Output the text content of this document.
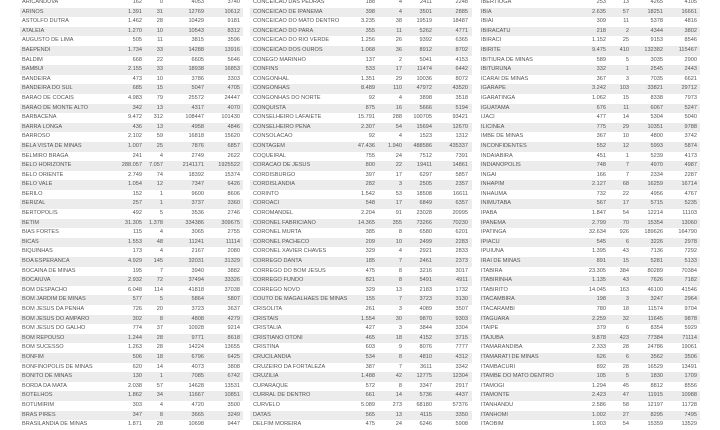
ARICANDUVA	162	0	4053	3740
ARINOS	1.391	31	12769	10612
ASTOLFO DUTRA	1.462	28	10429	9181
ATALEIA	1.270	10	10543	8312
AUGUSTO DE LIMA	505	11	3815	3596
BAEPENDI	1.734	33	14288	13916
BALDIM	668	22	6605	5646
BAMBUI	2.155	33	18938	16853
BANDEIRA	473	10	3786	3303
BANDEIRA DO SUL	685	15	5047	4705
BARAO DE COCAIS	4.983	79	25572	24447
BARAO DE MONTE ALTO	342	13	4317	4070
BARBACENA	9.472 312	108447	101430
BARRA LONGA	436	13	4958	4846
BARROSO	2.102	59	16818	15620
BELA VISTA DE MINAS	1.007	25	7876	6857
BELMIRO BRAGA	241	4	2749	2622
BELO HORIZONTE	288.057 7.057	2141171	1925522
BELO ORIENTE	2.749	74	18392	15374
BELO VALE	1.054	12	7347	6426
BERILO	152	1	9600	8606
BERIZAL	257	1	3737	3360
BERTOPOLIS	492	5	3536	2746
BETIM	31.305 1.378	334386	309675
BIAS FORTES	115	4	3065	2755
BICAS	1.553	48	11241	11114
BIQUINHAS	173	4	2167	2080
BOA ESPERANCA	4.929 145	32031	31329
BOCAINA DE MINAS	195	7	3940	3882
BOCAIUVA	2.932	72	37494	33326
BOM DESPACHO	6.048 114	41818	37038
BOM JARDIM DE MINAS	577	5	5864	5807
BOM JESUS DA PENHA	726	20	3723	3637
BOM JESUS DO AMPARO	302	8	4808	4279
BOM JESUS DO GALHO	774	37	10928	9214
BOM REPOUSO	1.244	28	9771	8618
BOM SUCESSO	1.263	28	14224	13655
BONFIM	506	18	6796	6425
BONFINOPOLIS DE MINAS	620	14	4073	3808
BONITO DE MINAS	130	1	7085	6742
BORDA DA MATA	2.038	57	14628	13531
BOTELHOS	1.862	34	11667	10851
BOTUMIRIM	303	4	4720	3500
BRAS PIRES	347	8	3665	3249
BRASILANDIA DE MINAS	1.871	28	10698	9447
CONCEICAO DAS PEDRAS	188	4	2411	2248
CONCEICAO DE IPANEMA	398	4	3501	2885
CONCEICAO DO MATO DENTRO	3.235	38	19519	18487
CONCEICAO DO PARA	355	11	5262	4771
CONCEICAO DO RIO VERDE	1.256	26	9392	6365
CONCEICAO DOS OUROS	1.068	36	8912	8702
CONEGO MARINHO	137	2	5041	4153
CONFINS	533	17	11474	6442
CONGONHAL	1.351	29	10036	8072
CONGONHAS	8.489	110	47972	43520
CONGONHAS DO NORTE	92	4	3898	3518
CONQUISTA	875	16	5666	5194
CONSELHEIRO LAFAIETE	15.791	288 100705	93421
CONSELHEIRO PENA	2.307	54	15694	12670
CONSOLACAO	92	4	1523	1312
CONTAGEM	47.436 1.940 488586	435337
COQUEIRAL	755	24	7512	7391
CORACAO DE JESUS	800	22	19411	14861
CORDISBURGO	397	17	6297	5857
CORDISLANDIA	282	3	2505	2357
CORINTO	1.542	53	18508	16611
COROACI	548	17	6849	6357
COROMANDEL	2.204	91	23028	20995
CORONEL FABRICIANO	14.365	355	73266	70230
CORONEL MURTA	385	8	6580	6201
CORONEL PACHECO	209	10	2499	2283
CORONEL XAVIER CHAVES	329	4	2921	2833
CORREGO DANTA	185	7	2461	2373
CORREGO DO BOM JESUS	475	8	3216	3017
CORREGO FUNDO	821	8	5491	4911
CORREGO NOVO	329	13	2183	1732
COUTO DE MAGALHAES DE MINAS	155	7	3723	3130
CRISOLITA	261	3	4089	3507
CRISTAIS	1.554	30	9870	9303
CRISTALIA	427	3	3844	3304
CRISTIANO OTONI	465	18	4152	3715
CRISTINA	603	9	8076	7777
CRUCILANDIA	534	8	4810	4312
CRUZEIRO DA FORTALEZA	387	7	3611	3342
CRUZILIA	1.488	42	12775	12304
CUPARAQUE	572	8	3347	2917
CURRAL DE DENTRO	661	14	5736	4437
CURVELO	5.089	273	68180	57376
DATAS	565	13	4115	3350
DELFIM MOREIRA	475	24	6246	5908
IBERTIOGA	253	13	4265	4105
IBIA	2.635	57	18251	16661
IBIAI	309	11	5378	4816
IBIRACATU	218	2	4344	3802
IBIRACI	1.152	25	9153	8546
IBIRITE	9.475 410	132382	115467
IBITIURA DE MINAS	589	5	3035	2900
IBITURUNA	332	1	2545	2443
ICARAI DE MINAS	367	3	7035	6621
IGARAPE	3.242 103	33821	29712
IGARATINGA	1.062	15	8338	7973
IGUATAMA	676	11	6067	5247
IJACI	477	14	5304	5040
ILICINEA	775	29	10351	9788
IMBE DE MINAS	367	10	4800	3742
INCONFIDENTES	552	12	5993	5874
INDAIABIRA	451	1	5239	4173
INDIANOPOLIS	748	7	4970	4987
INGAI	166	7	2334	2287
INHAPIM	2.127	68	16259	16714
INHAUMA	732	22	4956	4767
INIMUTABA	567	17	5715	5235
IPABA	1.847	54	12214	11103
IPANEMA	2.799	70	15354	13060
IPATINGA	32.634 926	189626	164790
IPIACU	545	6	3226	2978
IPUIUNA	1.395	43	7136	7292
IRAI DE MINAS	891	15	5281	5133
ITABIRA	23.305 384	80289	70384
ITABIRINHA	1.135	43	7626	7182
ITABIRITO	14.045 163	46100	41546
ITACAMBIRA	198	3	3247	2964
ITACARAMBI	780	18	11574	9704
ITAGUARA	2.259	32	11645	9878
ITAIPE	379	6	8354	5929
ITAJUBA	9.878 423	77384	71114
ITAMARANDIBA	2.333	28	24786	19061
ITAMARATI DE MINAS	626	6	3562	3506
ITAMBACURI	892	28	16529	13491
ITAMBE DO MATO DENTRO	105	5	1830	1709
ITAMOGI	1.294	45	8812	8556
ITAMONTE	2.423	47	11915	10988
ITANHANDU	2.586	58	12197	11728
ITANHOMI	1.002	27	8295	7495
ITAOBIM	1.903	54	15359	13529
